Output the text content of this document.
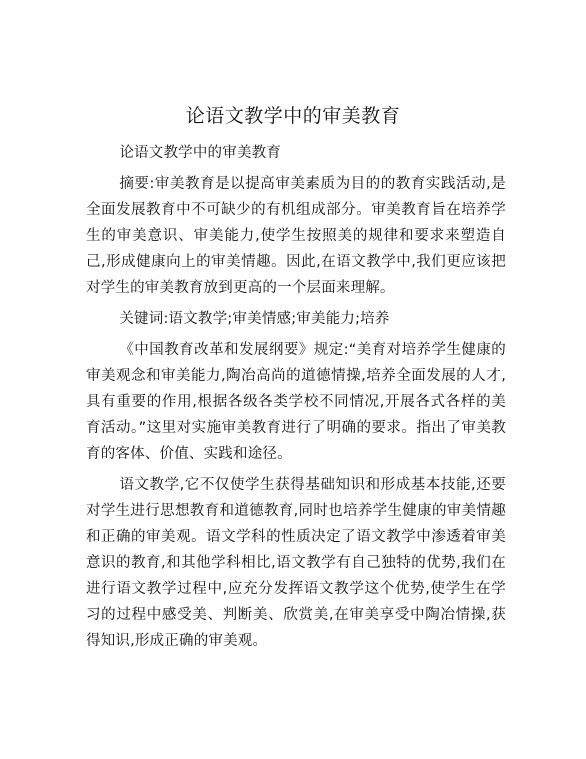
论语文教学中的审美教育

论语文教学中的审美教育

摘要:审美教育是以提高审美素质为目的的教育实践活动,是全面发展教育中不可缺少的有机组成部分。审美教育旨在培养学生的审美意识、审美能力,使学生按照美的规律和要求来塑造自己,形成健康向上的审美情趣。因此,在语文教学中,我们更应该把对学生的审美教育放到更高的一个层面来理解。

关键词:语文教学;审美情感;审美能力;培养

《中国教育改革和发展纲要》规定:“美育对培养学生健康的审美观念和审美能力,陶冶高尚的道德情操,培养全面发展的人才,具有重要的作用,根据各级各类学校不同情况,开展各式各样的美育活动。”这里对实施审美教育进行了明确的要求。指出了审美教育的客体、价值、实践和途径。

语文教学,它不仅使学生获得基础知识和形成基本技能,还要对学生进行思想教育和道德教育,同时也培养学生健康的审美情趣和正确的审美观。语文学科的性质决定了语文教学中渗透着审美意识的教育,和其他学科相比,语文教学有自己独特的优势,我们在进行语文教学过程中,应充分发挥语文教学这个优势,使学生在学习的过程中感受美、判断美、欣赏美,在审美享受中陶冶情操,获得知识,形成正确的审美观。
